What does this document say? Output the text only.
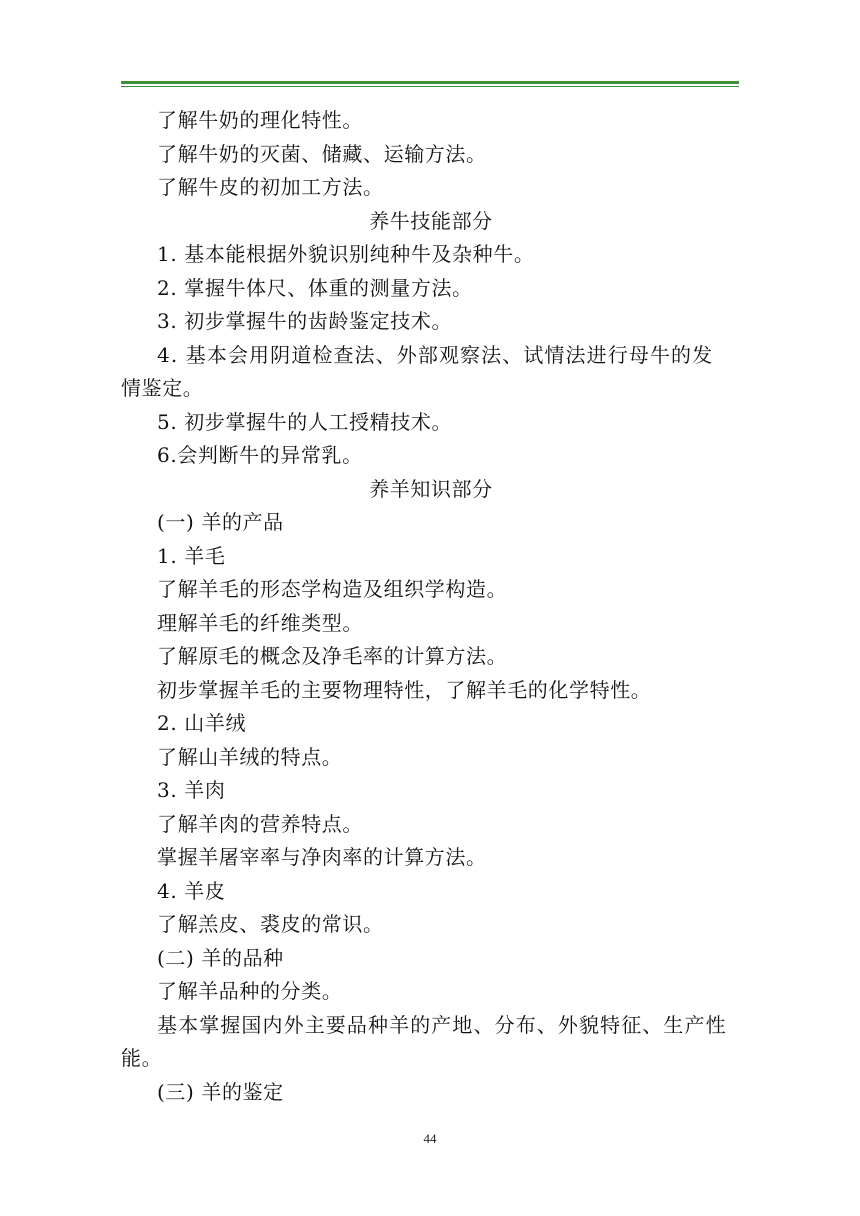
了解牛奶的理化特性。
了解牛奶的灭菌、储藏、运输方法。
了解牛皮的初加工方法。
养牛技能部分
1. 基本能根据外貌识别纯种牛及杂种牛。
2. 掌握牛体尺、体重的测量方法。
3. 初步掌握牛的齿龄鉴定技术。
4. 基本会用阴道检查法、外部观察法、试情法进行母牛的发
情鉴定。
5. 初步掌握牛的人工授精技术。
6.会判断牛的异常乳。
养羊知识部分
(一) 羊的产品
1. 羊毛
了解羊毛的形态学构造及组织学构造。
理解羊毛的纤维类型。
了解原毛的概念及净毛率的计算方法。
初步掌握羊毛的主要物理特性，了解羊毛的化学特性。
2. 山羊绒
了解山羊绒的特点。
3. 羊肉
了解羊肉的营养特点。
掌握羊屠宰率与净肉率的计算方法。
4. 羊皮
了解羔皮、裘皮的常识。
(二) 羊的品种
了解羊品种的分类。
基本掌握国内外主要品种羊的产地、分布、外貌特征、生产性
能。
(三) 羊的鉴定
44
